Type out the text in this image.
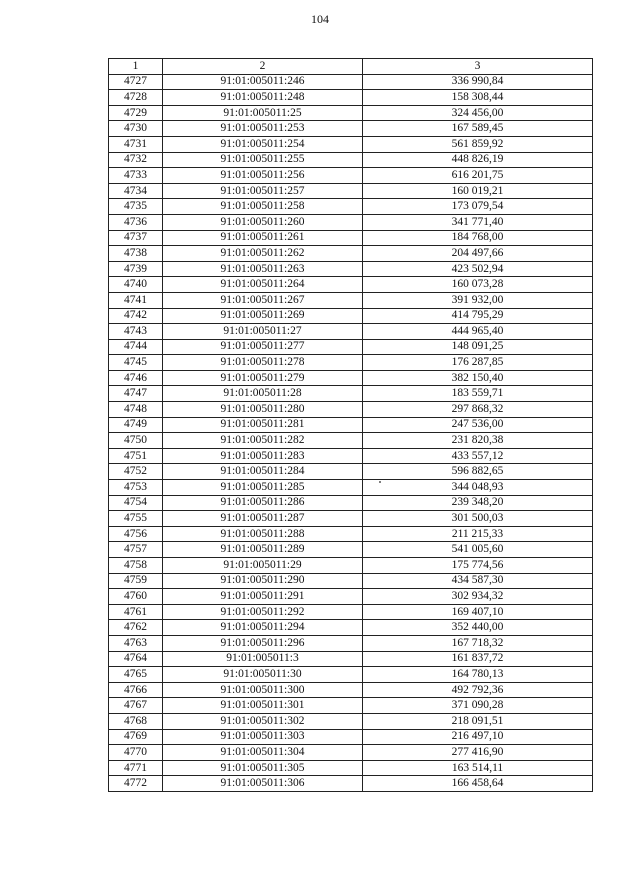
104
1	2	3
4727	91:01:005011:246	336 990,84
4728	91:01:005011:248	158 308,44
4729	91:01:005011:25	324 456,00
4730	91:01:005011:253	167 589,45
4731	91:01:005011:254	561 859,92
4732	91:01:005011:255	448 826,19
4733	91:01:005011:256	616 201,75
4734	91:01:005011:257	160 019,21
4735	91:01:005011:258	173 079,54
4736	91:01:005011:260	341 771,40
4737	91:01:005011:261	184 768,00
4738	91:01:005011:262	204 497,66
4739	91:01:005011:263	423 502,94
4740	91:01:005011:264	160 073,28
4741	91:01:005011:267	391 932,00
4742	91:01:005011:269	414 795,29
4743	91:01:005011:27	444 965,40
4744	91:01:005011:277	148 091,25
4745	91:01:005011:278	176 287,85
4746	91:01:005011:279	382 150,40
4747	91:01:005011:28	183 559,71
4748	91:01:005011:280	297 868,32
4749	91:01:005011:281	247 536,00
4750	91:01:005011:282	231 820,38
4751	91:01:005011:283	433 557,12
4752	91:01:005011:284	596 882,65
4753	91:01:005011:285	344 048,93
4754	91:01:005011:286	239 348,20
4755	91:01:005011:287	301 500,03
4756	91:01:005011:288	211 215,33
4757	91:01:005011:289	541 005,60
4758	91:01:005011:29	175 774,56
4759	91:01:005011:290	434 587,30
4760	91:01:005011:291	302 934,32
4761	91:01:005011:292	169 407,10
4762	91:01:005011:294	352 440,00
4763	91:01:005011:296	167 718,32
4764	91:01:005011:3	161 837,72
4765	91:01:005011:30	164 780,13
4766	91:01:005011:300	492 792,36
4767	91:01:005011:301	371 090,28
4768	91:01:005011:302	218 091,51
4769	91:01:005011:303	216 497,10
4770	91:01:005011:304	277 416,90
4771	91:01:005011:305	163 514,11
4772	91:01:005011:306	166 458,64
